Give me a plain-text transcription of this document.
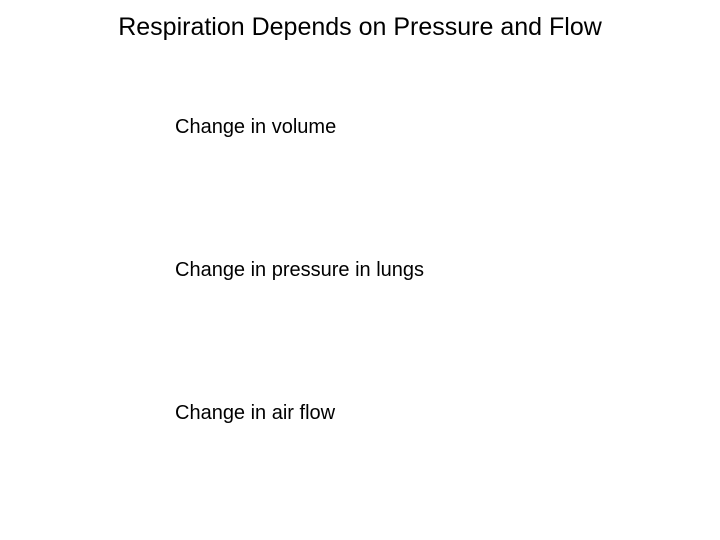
Respiration Depends on Pressure and Flow

Change in volume

Change in pressure in lungs

Change in air flow
